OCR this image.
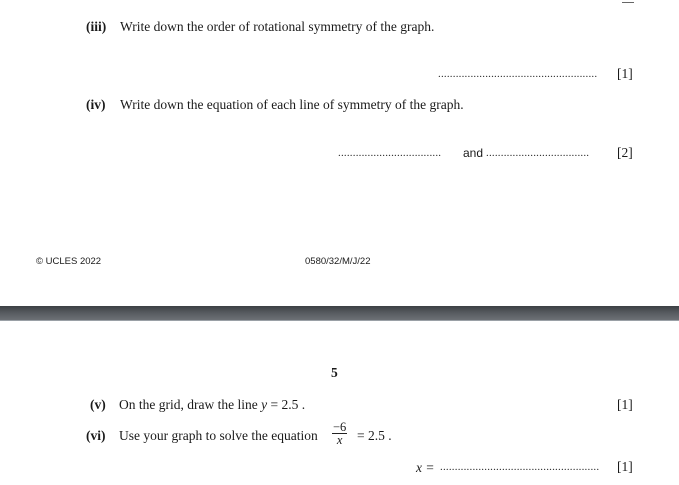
(iii) Write down the order of rotational symmetry of the graph.
...................................................... [1]
(iv) Write down the equation of each line of symmetry of the graph.
................................... and ................................... [2]
© UCLES 2022	0580/32/M/J/22
5
(v) On the grid, draw the line y = 2.5 .	[1]
(vi) Use your graph to solve the equation $\frac{-6}{x} = 2.5$ .
x = ...................................................... [1]
